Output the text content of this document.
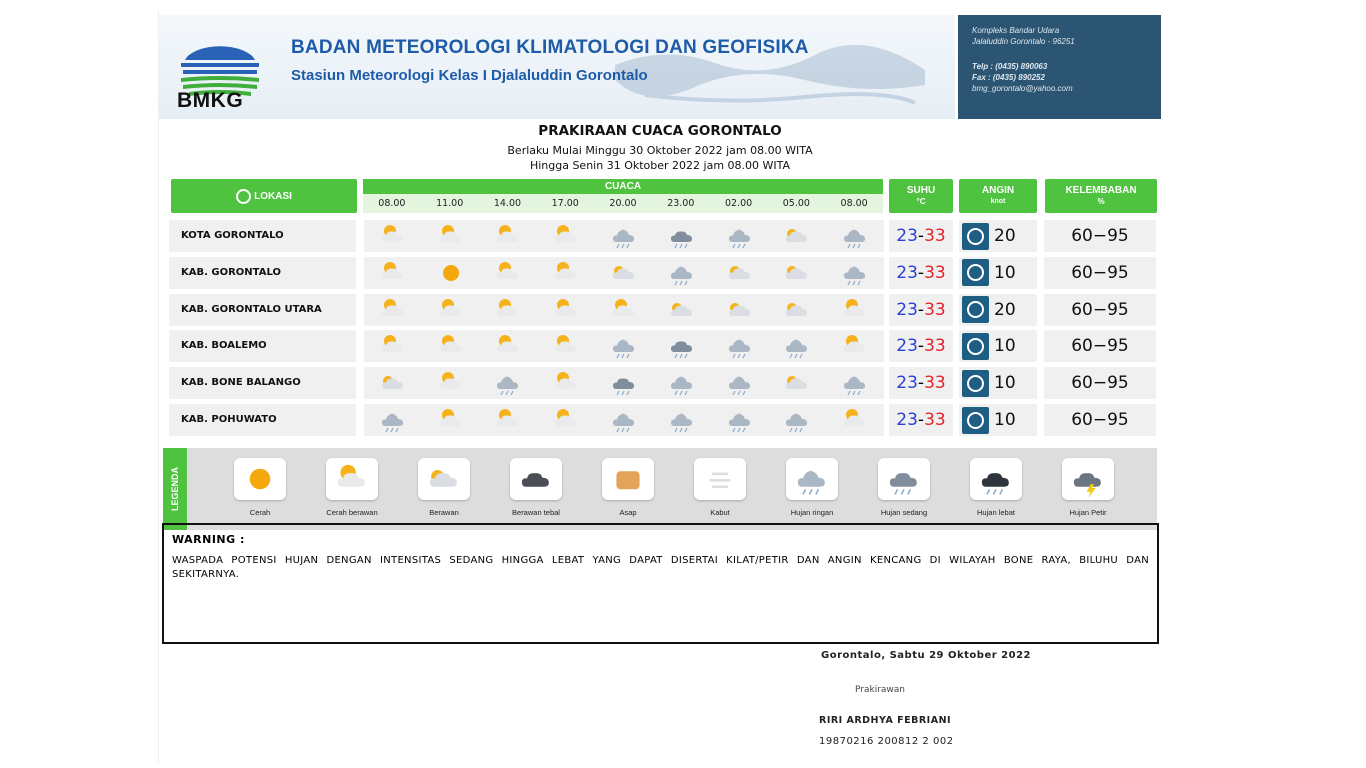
BMKG
BADAN METEOROLOGI KLIMATOLOGI DAN GEOFISIKA
Stasiun Meteorologi Kelas I Djalaluddin Gorontalo
Kompleks Bandar Udara
Jalaluddin Gorontalo - 96251
Telp : (0435) 890063
Fax : (0435) 890252
bmg_gorontalo@yahoo.com
PRAKIRAAN CUACA GORONTALO
Berlaku Mulai Minggu 30 Oktober 2022 jam 08.00 WITA
Hingga Senin 31 Oktober 2022 jam 08.00 WITA
LOKASI
CUACA
08.00	11.00	14.00	17.00	20.00	23.00	02.00	05.00	08.00
SUHU
°C
ANGIN
knot
KELEMBABAN
%
KOTA GORONTALO	23-33	20	60−95
KAB. GORONTALO	23-33	10	60−95
KAB. GORONTALO UTARA	23-33	20	60−95
KAB. BOALEMO	23-33	10	60−95
KAB. BONE BALANGO	23-33	10	60−95
KAB. POHUWATO	23-33	10	60−95
LEGENDA
Cerah	Cerah berawan	Berawan	Berawan tebal	Asap	Kabut	Hujan ringan	Hujan sedang	Hujan lebat	Hujan Petir
WARNING :
WASPADA POTENSI HUJAN DENGAN INTENSITAS SEDANG HINGGA LEBAT YANG DAPAT DISERTAI KILAT/PETIR DAN ANGIN KENCANG DI WILAYAH BONE RAYA, BILUHU DAN SEKITARNYA.
Gorontalo, Sabtu 29 Oktober 2022
Prakirawan
RIRI ARDHYA FEBRIANI
19870216 200812 2 002
